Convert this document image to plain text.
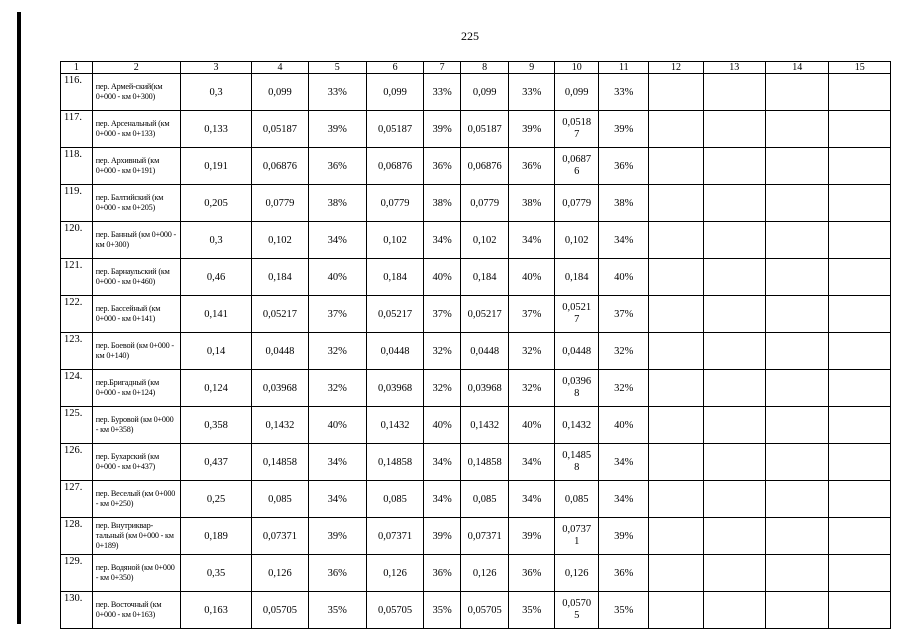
225
1	2	3	4	5	6	7	8	9	10	11	12	13	14	15
116.	пер. Армей-ский(км 0+000 - км 0+300)	0,3	0,099	33%	0,099	33%	0,099	33%	0,099	33%				
117.	пер. Арсенальный (км 0+000 - км 0+133)	0,133	0,05187	39%	0,05187	39%	0,05187	39%	0,05187	39%				
118.	пер. Архивный (км 0+000 - км 0+191)	0,191	0,06876	36%	0,06876	36%	0,06876	36%	0,06876	36%				
119.	пер. Балтийский (км 0+000 - км 0+205)	0,205	0,0779	38%	0,0779	38%	0,0779	38%	0,0779	38%				
120.	пер. Банный (км 0+000 - км 0+300)	0,3	0,102	34%	0,102	34%	0,102	34%	0,102	34%				
121.	пер. Барнаульский (км 0+000 - км 0+460)	0,46	0,184	40%	0,184	40%	0,184	40%	0,184	40%				
122.	пер. Бассейный (км 0+000 - км 0+141)	0,141	0,05217	37%	0,05217	37%	0,05217	37%	0,05217	37%				
123.	пер. Боевой (км 0+000 - км 0+140)	0,14	0,0448	32%	0,0448	32%	0,0448	32%	0,0448	32%				
124.	пер.Бригадный (км 0+000 - км 0+124)	0,124	0,03968	32%	0,03968	32%	0,03968	32%	0,03968	32%				
125.	пер. Буровой (км 0+000 - км 0+358)	0,358	0,1432	40%	0,1432	40%	0,1432	40%	0,1432	40%				
126.	пер. Бухарский (км 0+000 - км 0+437)	0,437	0,14858	34%	0,14858	34%	0,14858	34%	0,14858	34%				
127.	пер. Веселый (км 0+000 - км 0+250)	0,25	0,085	34%	0,085	34%	0,085	34%	0,085	34%				
128.	пер. Внутриквар-тальный (км 0+000 - км 0+189)	0,189	0,07371	39%	0,07371	39%	0,07371	39%	0,07371	39%				
129.	пер. Водяной (км 0+000 - км 0+350)	0,35	0,126	36%	0,126	36%	0,126	36%	0,126	36%				
130.	пер. Восточный (км 0+000 - км 0+163)	0,163	0,05705	35%	0,05705	35%	0,05705	35%	0,05705	35%				
